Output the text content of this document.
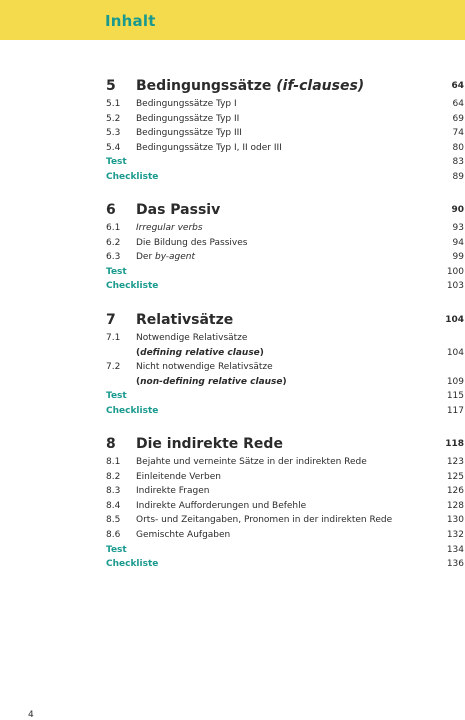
Inhalt
5 Bedingungssätze (if-clauses)	64
5.1 Bedingungssätze Typ I	64
5.2 Bedingungssätze Typ II	69
5.3 Bedingungssätze Typ III	74
5.4 Bedingungssätze Typ I, II oder III	80
Test	83
Checkliste	89
6 Das Passiv	90
6.1 Irregular verbs	93
6.2 Die Bildung des Passives	94
6.3 Der by-agent	99
Test	100
Checkliste	103
7 Relativsätze	104
7.1 Notwendige Relativsätze
(defining relative clause)	104
7.2 Nicht notwendige Relativsätze
(non-defining relative clause)	109
Test	115
Checkliste	117
8 Die indirekte Rede	118
8.1 Bejahte und verneinte Sätze in der indirekten Rede	123
8.2 Einleitende Verben	125
8.3 Indirekte Fragen	126
8.4 Indirekte Aufforderungen und Befehle	128
8.5 Orts- und Zeitangaben, Pronomen in der indirekten Rede	130
8.6 Gemischte Aufgaben	132
Test	134
Checkliste	136
4
